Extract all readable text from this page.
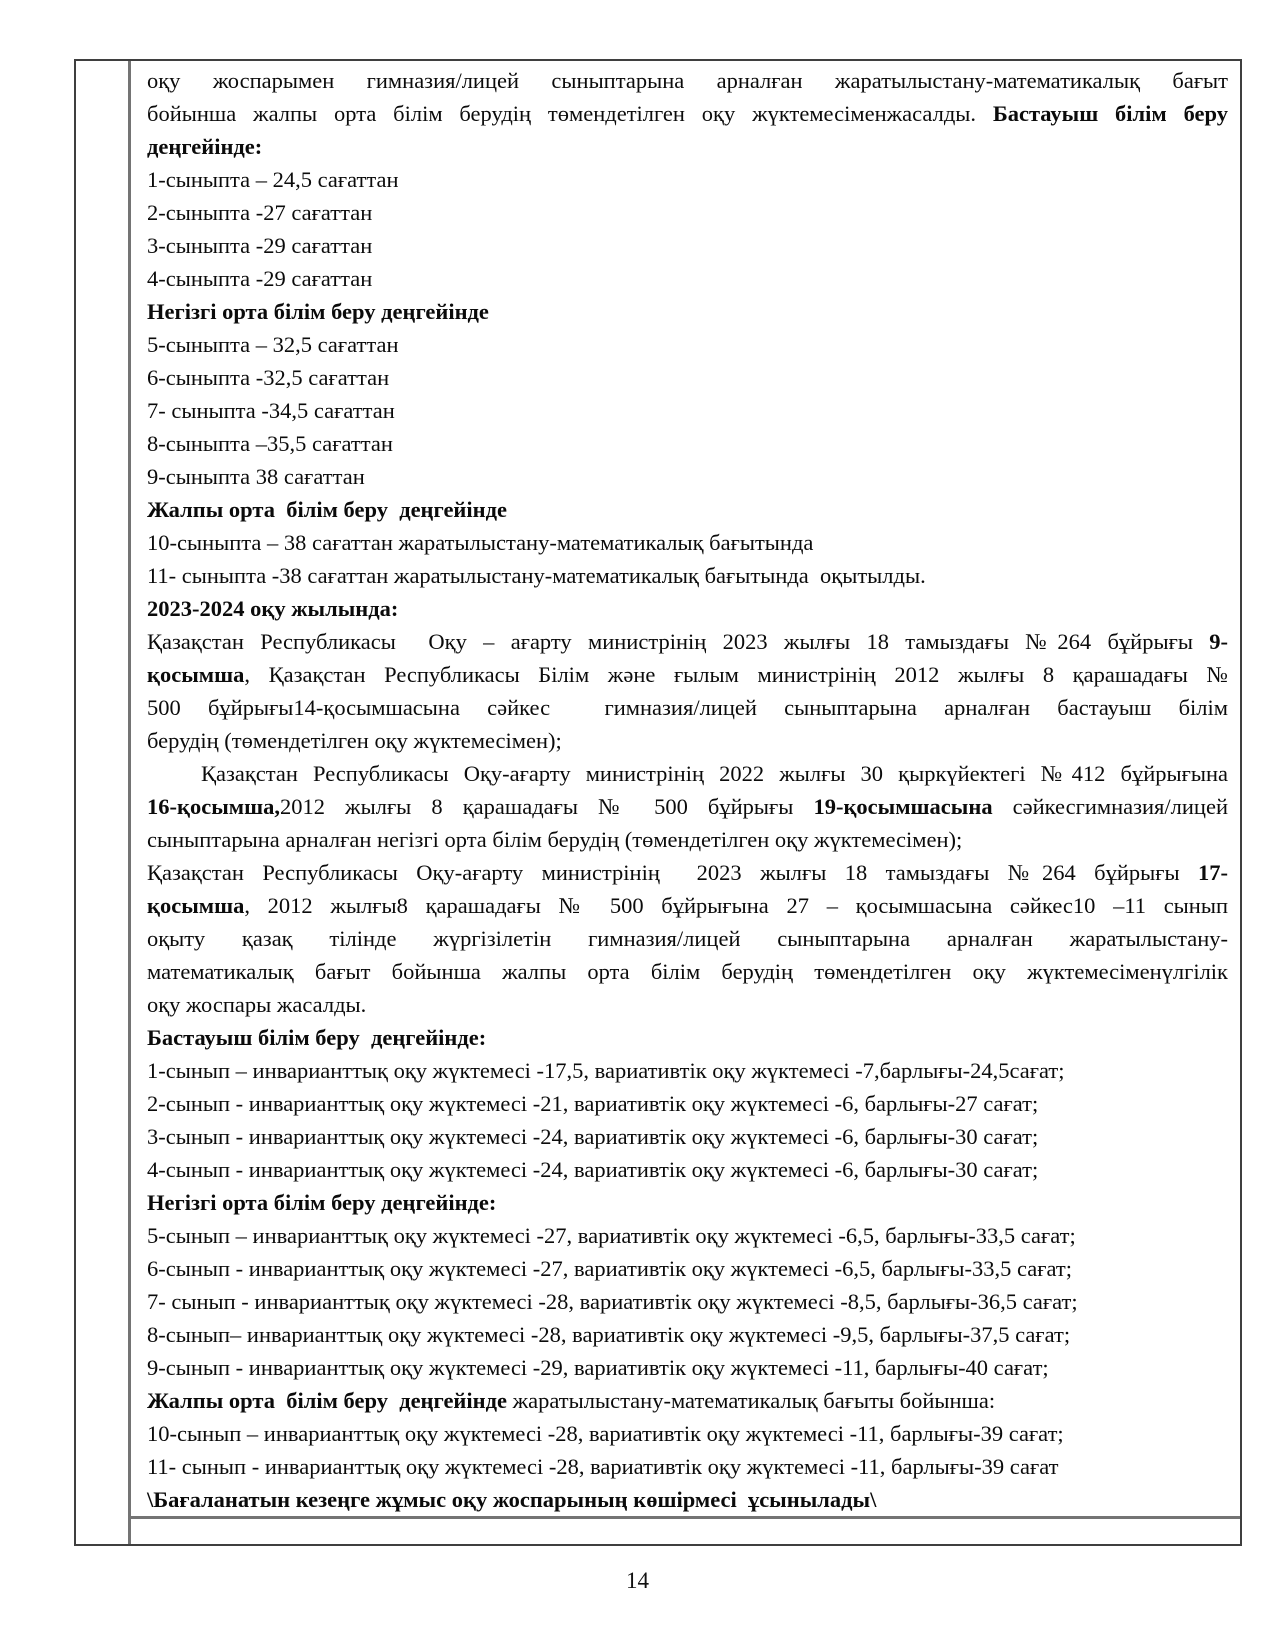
оқу жоспарымен гимназия/лицей сыныптарына арналған жаратылыстану-математикалық бағыт
бойынша жалпы орта білім берудің төмендетілген оқу жүктемесіменжасалды. Бастауыш білім беру
деңгейінде:
1-сыныпта – 24,5 сағаттан
2-сыныпта -27 сағаттан
3-сыныпта -29 сағаттан
4-сыныпта -29 сағаттан
Негізгі орта білім беру деңгейінде
5-сыныпта – 32,5 сағаттан
6-сыныпта -32,5 сағаттан
7- сыныпта -34,5 сағаттан
8-сыныпта –35,5 сағаттан
9-сыныпта 38 сағаттан
Жалпы орта  білім беру  деңгейінде
10-сыныпта – 38 сағаттан жаратылыстану-математикалық бағытында
11- сыныпта -38 сағаттан жаратылыстану-математикалық бағытында  оқытылды.
2023-2024 оқу жылында:
Қазақстан Республикасы  Оқу – ағарту министрінің 2023 жылғы 18 тамыздағы №264 бұйрығы 9-
қосымша, Қазақстан Республикасы Білім және ғылым министрінің 2012 жылғы 8 қарашадағы №
500 бұйрығы14-қосымшасына сәйкес  гимназия/лицей сыныптарына арналған бастауыш білім
берудің (төмендетілген оқу жүктемесімен);
Қазақстан Республикасы Оқу-ағарту министрінің 2022 жылғы 30 қыркүйектегі №412 бұйрығына
16-қосымша,2012 жылғы 8 қарашадағы № 500 бұйрығы 19-қосымшасына сәйкесгимназия/лицей
сыныптарына арналған негізгі орта білім берудің (төмендетілген оқу жүктемесімен);
Қазақстан Республикасы Оқу-ағарту министрінің  2023 жылғы 18 тамыздағы №264 бұйрығы 17-
қосымша, 2012 жылғы8 қарашадағы № 500 бұйрығына 27 – қосымшасына сәйкес10 –11 сынып
оқыту қазақ тілінде жүргізілетін гимназия/лицей сыныптарына арналған жаратылыстану-
математикалық бағыт бойынша жалпы орта білім берудің төмендетілген оқу жүктемесіменүлгілік
оқу жоспары жасалды.
Бастауыш білім беру  деңгейінде:
1-сынып – инварианттық оқу жүктемесі -17,5, вариативтік оқу жүктемесі -7,барлығы-24,5сағат;
2-сынып - инварианттық оқу жүктемесі -21, вариативтік оқу жүктемесі -6, барлығы-27 сағат;
3-сынып - инварианттық оқу жүктемесі -24, вариативтік оқу жүктемесі -6, барлығы-30 сағат;
4-сынып - инварианттық оқу жүктемесі -24, вариативтік оқу жүктемесі -6, барлығы-30 сағат;
Негізгі орта білім беру деңгейінде:
5-сынып – инварианттық оқу жүктемесі -27, вариативтік оқу жүктемесі -6,5, барлығы-33,5 сағат;
6-сынып - инварианттық оқу жүктемесі -27, вариативтік оқу жүктемесі -6,5, барлығы-33,5 сағат;
7- сынып - инварианттық оқу жүктемесі -28, вариативтік оқу жүктемесі -8,5, барлығы-36,5 сағат;
8-сынып– инварианттық оқу жүктемесі -28, вариативтік оқу жүктемесі -9,5, барлығы-37,5 сағат;
9-сынып - инварианттық оқу жүктемесі -29, вариативтік оқу жүктемесі -11, барлығы-40 сағат;
Жалпы орта  білім беру  деңгейінде жаратылыстану-математикалық бағыты бойынша:
10-сынып – инварианттық оқу жүктемесі -28, вариативтік оқу жүктемесі -11, барлығы-39 сағат;
11- сынып - инварианттық оқу жүктемесі -28, вариативтік оқу жүктемесі -11, барлығы-39 сағат
\Бағаланатын кезеңге жұмыс оқу жоспарының көшірмесі  ұсынылады\
14
